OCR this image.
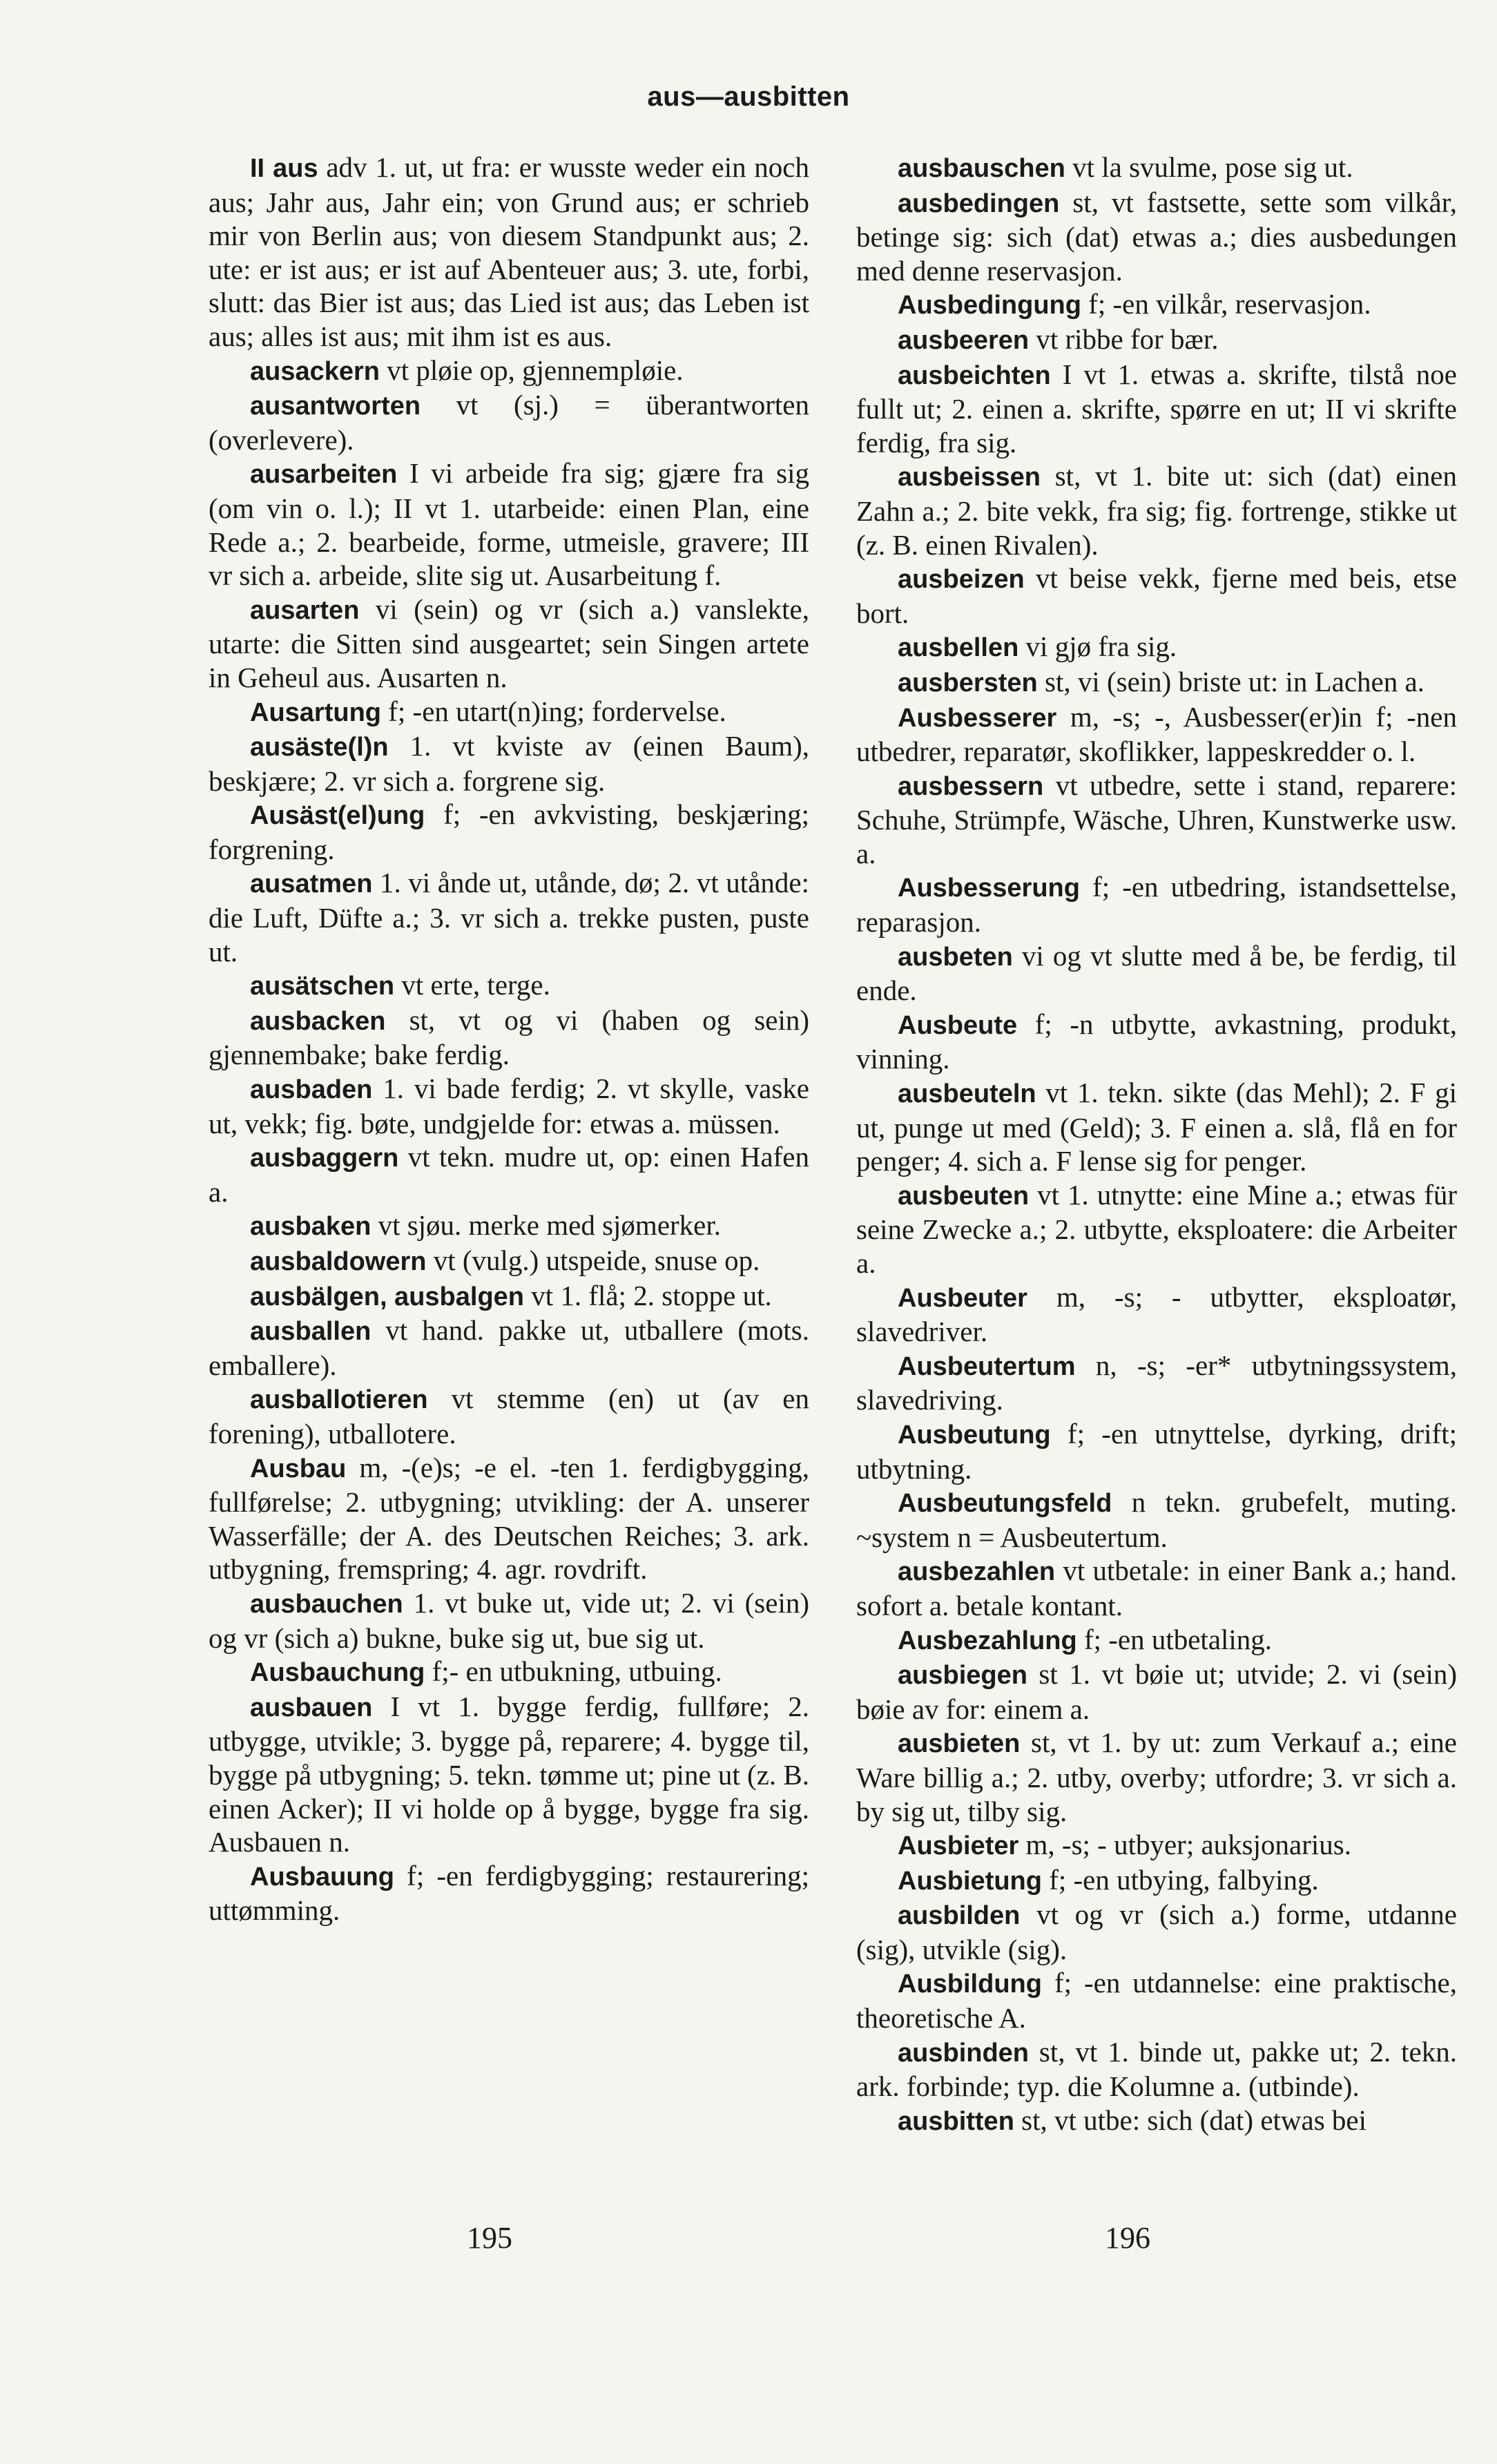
aus—ausbitten

II aus adv 1. ut, ut fra: er wusste weder ein noch aus; Jahr aus, Jahr ein; von Grund aus; er schrieb mir von Berlin aus; von diesem Standpunkt aus; 2. ute: er ist aus; er ist auf Abenteuer aus; 3. ute, forbi, slutt: das Bier ist aus; das Lied ist aus; das Leben ist aus; alles ist aus; mit ihm ist es aus.

ausackern vt pløie op, gjennempløie.

ausantworten vt (sj.) = überantworten (overlevere).

ausarbeiten I vi arbeide fra sig; gjære fra sig (om vin o. l.); II vt 1. utarbeide: einen Plan, eine Rede a.; 2. bearbeide, forme, utmeisle, gravere; III vr sich a. arbeide, slite sig ut. Ausarbeitung f.

ausarten vi (sein) og vr (sich a.) vanslekte, utarte: die Sitten sind ausgeartet; sein Singen artete in Geheul aus. Ausarten n.

Ausartung f; -en utart(n)ing; fordervelse.

ausäste(l)n 1. vt kviste av (einen Baum), beskjære; 2. vr sich a. forgrene sig.

Ausäst(el)ung f; -en avkvisting, beskjæring; forgrening.

ausatmen 1. vi ånde ut, utånde, dø; 2. vt utånde: die Luft, Düfte a.; 3. vr sich a. trekke pusten, puste ut.

ausätschen vt erte, terge.

ausbacken st, vt og vi (haben og sein) gjennembake; bake ferdig.

ausbaden 1. vi bade ferdig; 2. vt skylle, vaske ut, vekk; fig. bøte, undgjelde for: etwas a. müssen.

ausbaggern vt tekn. mudre ut, op: einen Hafen a.

ausbaken vt sjøu. merke med sjømerker.

ausbaldowern vt (vulg.) utspeide, snuse op.

ausbälgen, ausbalgen vt 1. flå; 2. stoppe ut.

ausballen vt hand. pakke ut, utballere (mots. emballere).

ausballotieren vt stemme (en) ut (av en forening), utballotere.

Ausbau m, -(e)s; -e el. -ten 1. ferdigbygging, fullførelse; 2. utbygning; utvikling: der A. unserer Wasserfälle; der A. des Deutschen Reiches; 3. ark. utbygning, fremspring; 4. agr. rovdrift.

ausbauchen 1. vt buke ut, vide ut; 2. vi (sein) og vr (sich a) bukne, buke sig ut, bue sig ut.

Ausbauchung f;- en utbukning, utbuing.

ausbauen I vt 1. bygge ferdig, fullføre; 2. utbygge, utvikle; 3. bygge på, reparere; 4. bygge til, bygge på utbygning; 5. tekn. tømme ut; pine ut (z. B. einen Acker); II vi holde op å bygge, bygge fra sig. Ausbauen n.

Ausbauung f; -en ferdigbygging; restaurering; uttømming.

ausbauschen vt la svulme, pose sig ut.

ausbedingen st, vt fastsette, sette som vilkår, betinge sig: sich (dat) etwas a.; dies ausbedungen med denne reservasjon.

Ausbedingung f; -en vilkår, reservasjon.

ausbeeren vt ribbe for bær.

ausbeichten I vt 1. etwas a. skrifte, tilstå noe fullt ut; 2. einen a. skrifte, spørre en ut; II vi skrifte ferdig, fra sig.

ausbeissen st, vt 1. bite ut: sich (dat) einen Zahn a.; 2. bite vekk, fra sig; fig. fortrenge, stikke ut (z. B. einen Rivalen).

ausbeizen vt beise vekk, fjerne med beis, etse bort.

ausbellen vi gjø fra sig.

ausbersten st, vi (sein) briste ut: in Lachen a.

Ausbesserer m, -s; -, Ausbesser(er)in f; -nen utbedrer, reparatør, skoflikker, lappeskredder o. l.

ausbessern vt utbedre, sette i stand, reparere: Schuhe, Strümpfe, Wäsche, Uhren, Kunstwerke usw. a.

Ausbesserung f; -en utbedring, istandsettelse, reparasjon.

ausbeten vi og vt slutte med å be, be ferdig, til ende.

Ausbeute f; -n utbytte, avkastning, produkt, vinning.

ausbeuteln vt 1. tekn. sikte (das Mehl); 2. F gi ut, punge ut med (Geld); 3. F einen a. slå, flå en for penger; 4. sich a. F lense sig for penger.

ausbeuten vt 1. utnytte: eine Mine a.; etwas für seine Zwecke a.; 2. utbytte, eksploatere: die Arbeiter a.

Ausbeuter m, -s; - utbytter, eksploatør, slavedriver.

Ausbeutertum n, -s; -er* utbytningssystem, slavedriving.

Ausbeutung f; -en utnyttelse, dyrking, drift; utbytning.

Ausbeutungsfeld n tekn. grubefelt, muting. ~system n = Ausbeutertum.

ausbezahlen vt utbetale: in einer Bank a.; hand. sofort a. betale kontant.

Ausbezahlung f; -en utbetaling.

ausbiegen st 1. vt bøie ut; utvide; 2. vi (sein) bøie av for: einem a.

ausbieten st, vt 1. by ut: zum Verkauf a.; eine Ware billig a.; 2. utby, overby; utfordre; 3. vr sich a. by sig ut, tilby sig.

Ausbieter m, -s; - utbyer; auksjonarius.

Ausbietung f; -en utbying, falbying.

ausbilden vt og vr (sich a.) forme, utdanne (sig), utvikle (sig).

Ausbildung f; -en utdannelse: eine praktische, theoretische A.

ausbinden st, vt 1. binde ut, pakke ut; 2. tekn. ark. forbinde; typ. die Kolumne a. (utbinde).

ausbitten st, vt utbe: sich (dat) etwas bei

195	196
